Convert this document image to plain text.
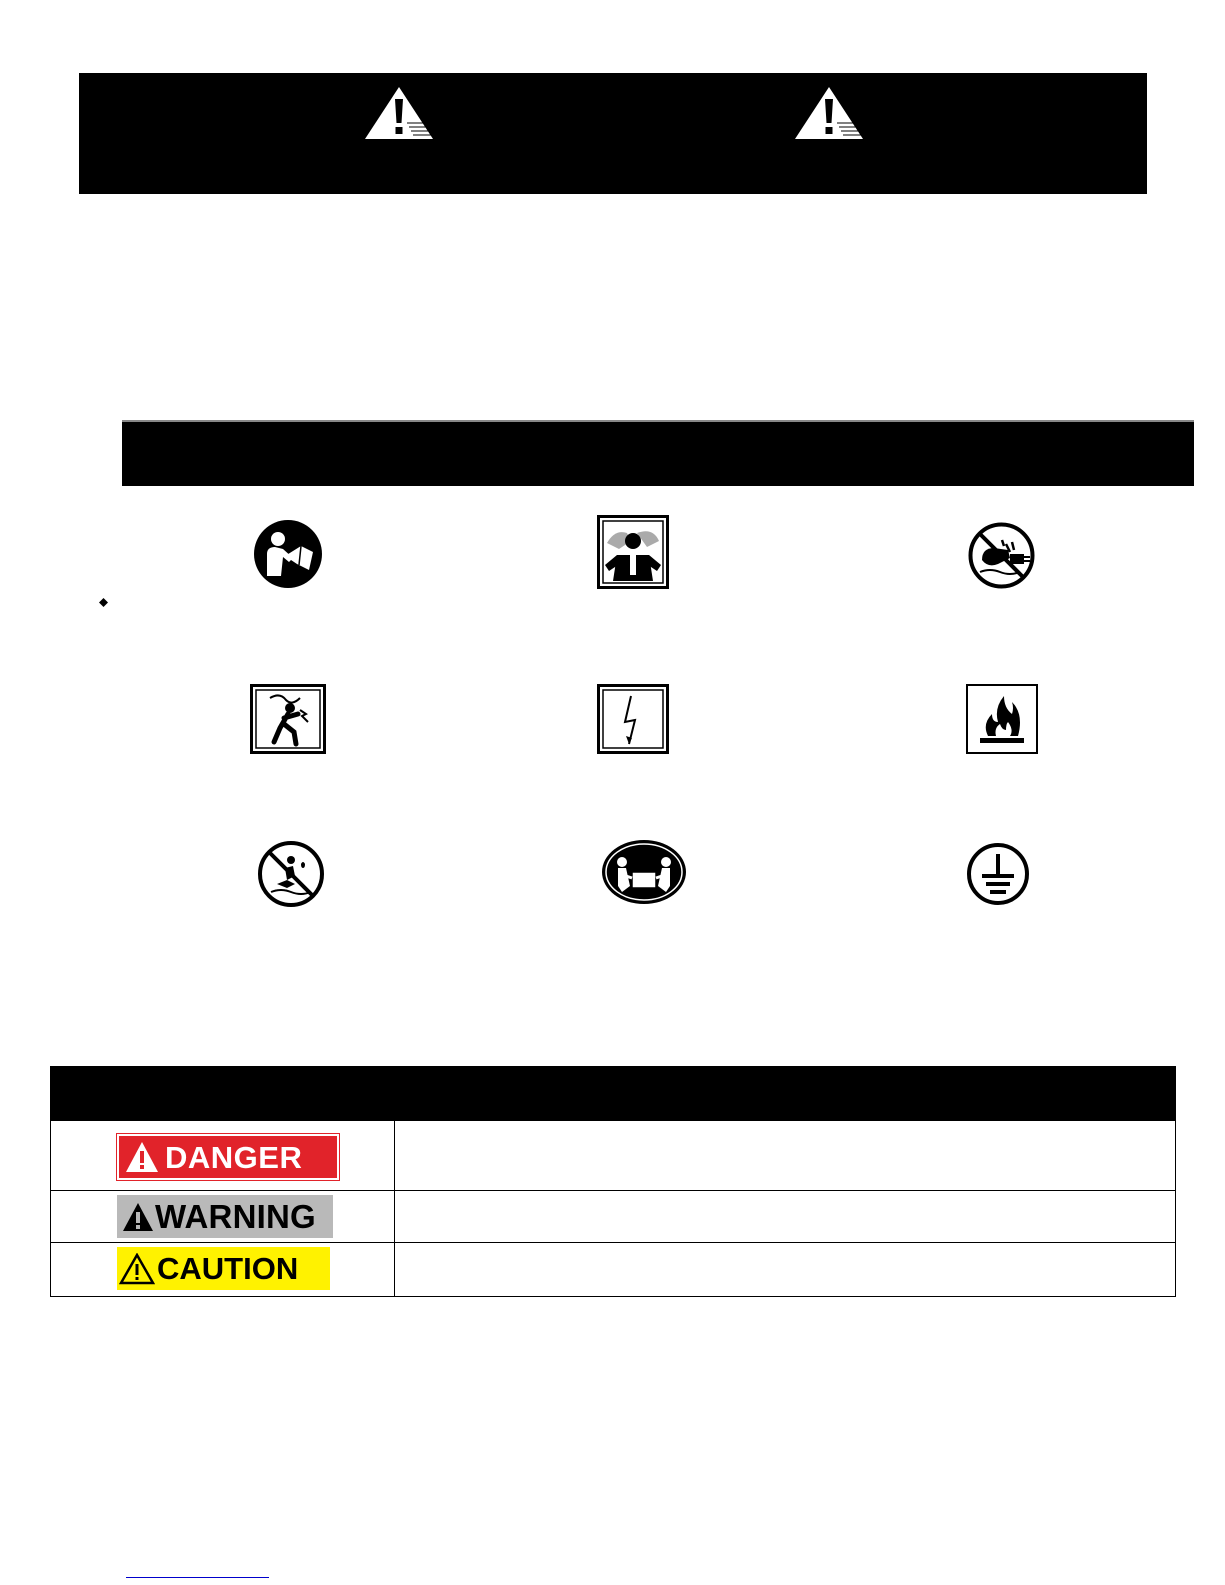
DANGER
WARNING
CAUTION
